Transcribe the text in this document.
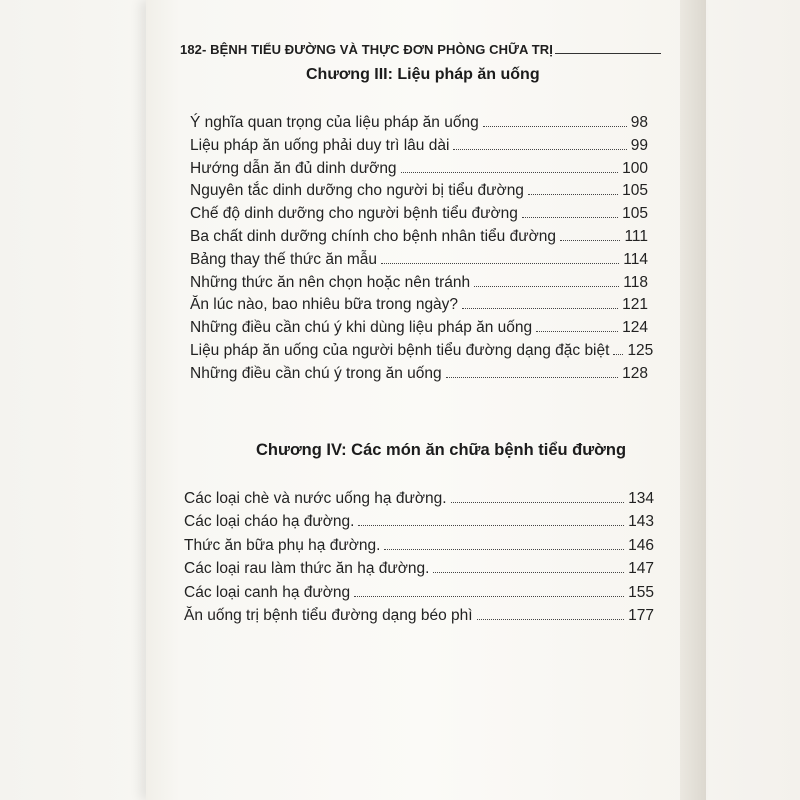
182- BỆNH TIỂU ĐƯỜNG VÀ THỰC ĐƠN PHÒNG CHỮA TRỊ
Chương III: Liệu pháp ăn uống
Ý nghĩa quan trọng của liệu pháp ăn uống	98
Liệu pháp ăn uống phải duy trì lâu dài	99
Hướng dẫn ăn đủ dinh dưỡng	100
Nguyên tắc dinh dưỡng cho người bị tiểu đường	105
Chế độ dinh dưỡng cho người bệnh tiểu đường	105
Ba chất dinh dưỡng chính cho bệnh nhân tiểu đường	111
Bảng thay thế thức ăn mẫu	114
Những thức ăn nên chọn hoặc nên tránh	118
Ăn lúc nào, bao nhiêu bữa trong ngày?	121
Những điều cần chú ý khi dùng liệu pháp ăn uống	124
Liệu pháp ăn uống của người bệnh tiểu đường dạng đặc biệt 125
Những điều cần chú ý trong ăn uống	128
Chương IV: Các món ăn chữa bệnh tiểu đường
Các loại chè và nước uống hạ đường.	134
Các loại cháo hạ đường.	143
Thức ăn bữa phụ hạ đường.	146
Các loại rau làm thức ăn hạ đường.	147
Các loại canh hạ đường	155
Ăn uống trị bệnh tiểu đường dạng béo phì	177
